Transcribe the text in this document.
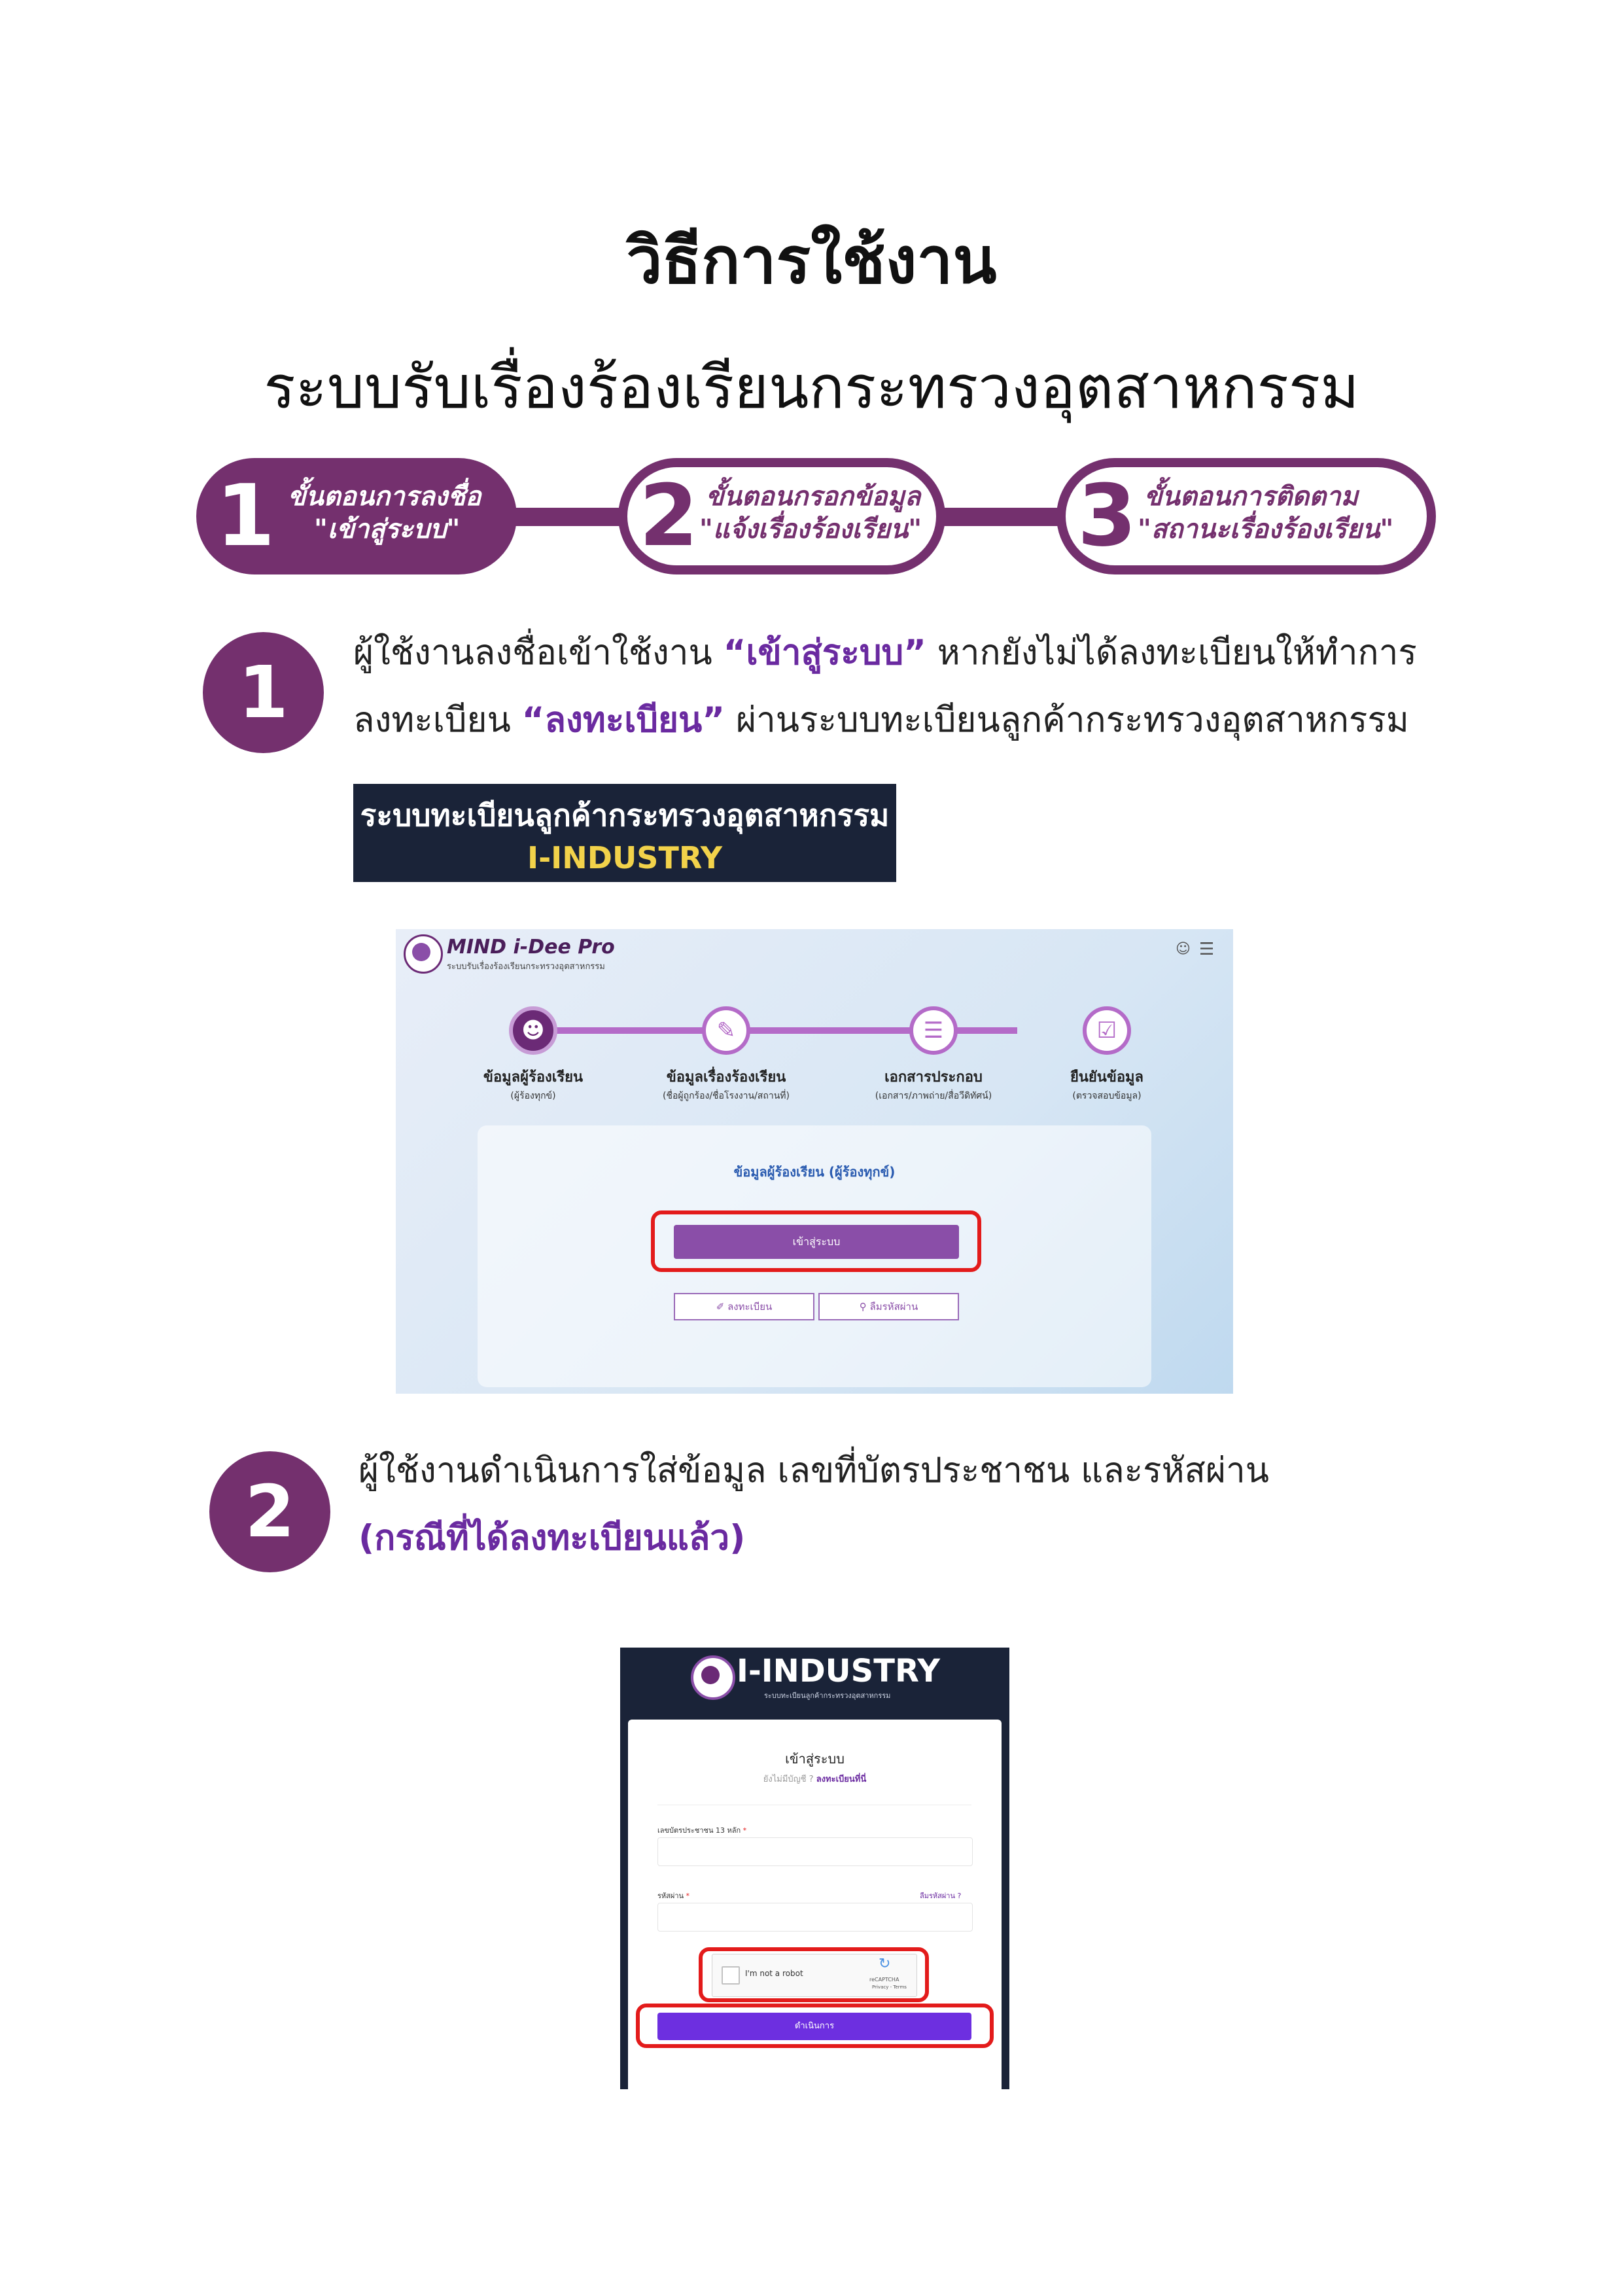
วิธีการใช้งาน
ระบบรับเรื่องร้องเรียนกระทรวงอุตสาหกรรม
1 ขั้นตอนการลงชื่อ
"เข้าสู่ระบบ" 2 ขั้นตอนกรอกข้อมูล
"แจ้งเรื่องร้องเรียน" 3 ขั้นตอนการติดตาม
"สถานะเรื่องร้องเรียน"
1	ผู้ใช้งานลงชื่อเข้าใช้งาน “เข้าสู่ระบบ” หากยังไม่ได้ลงทะเบียนให้ทำการ
ลงทะเบียน “ลงทะเบียน” ผ่านระบบทะเบียนลูกค้ากระทรวงอุตสาหกรรม
ระบบทะเบียนลูกค้ากระทรวงอุตสาหกรรม
I-INDUSTRY
MIND i-Dee Pro
ระบบรับเรื่องร้องเรียนกระทรวงอุตสาหกรรม
☺ ☰
☻	✎	☰	☑
ข้อมูลผู้ร้องเรียน
(ผู้ร้องทุกข์)
ข้อมูลเรื่องร้องเรียน
(ชื่อผู้ถูกร้อง/ชื่อโรงงาน/สถานที่)
เอกสารประกอบ
(เอกสาร/ภาพถ่าย/สื่อวีดิทัศน์)
ยืนยันข้อมูล
(ตรวจสอบข้อมูล)
ข้อมูลผู้ร้องเรียน (ผู้ร้องทุกข์)
เข้าสู่ระบบ
✐ ลงทะเบียน	⚲ ลืมรหัสผ่าน
2	ผู้ใช้งานดำเนินการใส่ข้อมูล เลขที่บัตรประชาชน และรหัสผ่าน
(กรณีที่ได้ลงทะเบียนแล้ว)
I-INDUSTRY
ระบบทะเบียนลูกค้ากระทรวงอุตสาหกรรม
เข้าสู่ระบบ
ยังไม่มีบัญชี ? ลงทะเบียนที่นี่
เลขบัตรประชาชน 13 หลัก *
รหัสผ่าน *	ลืมรหัสผ่าน ?
I'm not a robot
↻
reCAPTCHA
Privacy - Terms
ดำเนินการ
